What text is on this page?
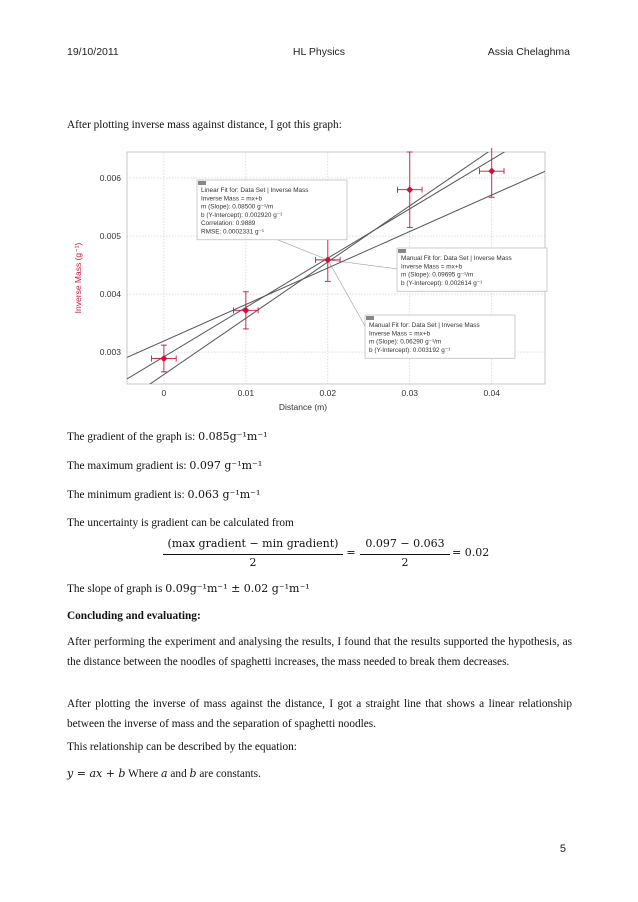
19/10/2011	HL Physics	Assia Chelaghma
After plotting inverse mass against distance, I got this graph:
0	0.01	0.02	0.03	0.04
0.003
0.004
0.005
0.006
Distance (m)
Inverse Mass (g⁻¹)
Linear Fit for: Data Set | Inverse Mass
Inverse Mass = mx+b
m (Slope): 0.08500 g⁻¹/m
b (Y-Intercept): 0.002920 g⁻¹
Correlation: 0.9889
RMSE: 0.0002331 g⁻¹
Manual Fit for: Data Set | Inverse Mass
Inverse Mass = mx+b
m (Slope): 0.09695 g⁻¹/m
b (Y-Intercept): 0.002614 g⁻¹
Manual Fit for: Data Set | Inverse Mass
Inverse Mass = mx+b
m (Slope): 0.06290 g⁻¹/m
b (Y-Intercept): 0.003192 g⁻¹
The gradient of the graph is: 0.085g⁻¹m⁻¹
The maximum gradient is: 0.097 g⁻¹m⁻¹
The minimum gradient is: 0.063 g⁻¹m⁻¹
The uncertainty is gradient can be calculated from
(max gradient − min gradient)
2
=
0.097 − 0.063
2
= 0.02
The slope of graph is 0.09g⁻¹m⁻¹ ± 0.02 g⁻¹m⁻¹
Concluding and evaluating:
After performing the experiment and analysing the results, I found that the results supported the hypothesis, as the distance between the noodles of spaghetti increases, the mass needed to break them decreases.
After plotting the inverse of mass against the distance, I got a straight line that shows a linear relationship between the inverse of mass and the separation of spaghetti noodles.
This relationship can be described by the equation:
y = ax + b Where a and b are constants.
5
